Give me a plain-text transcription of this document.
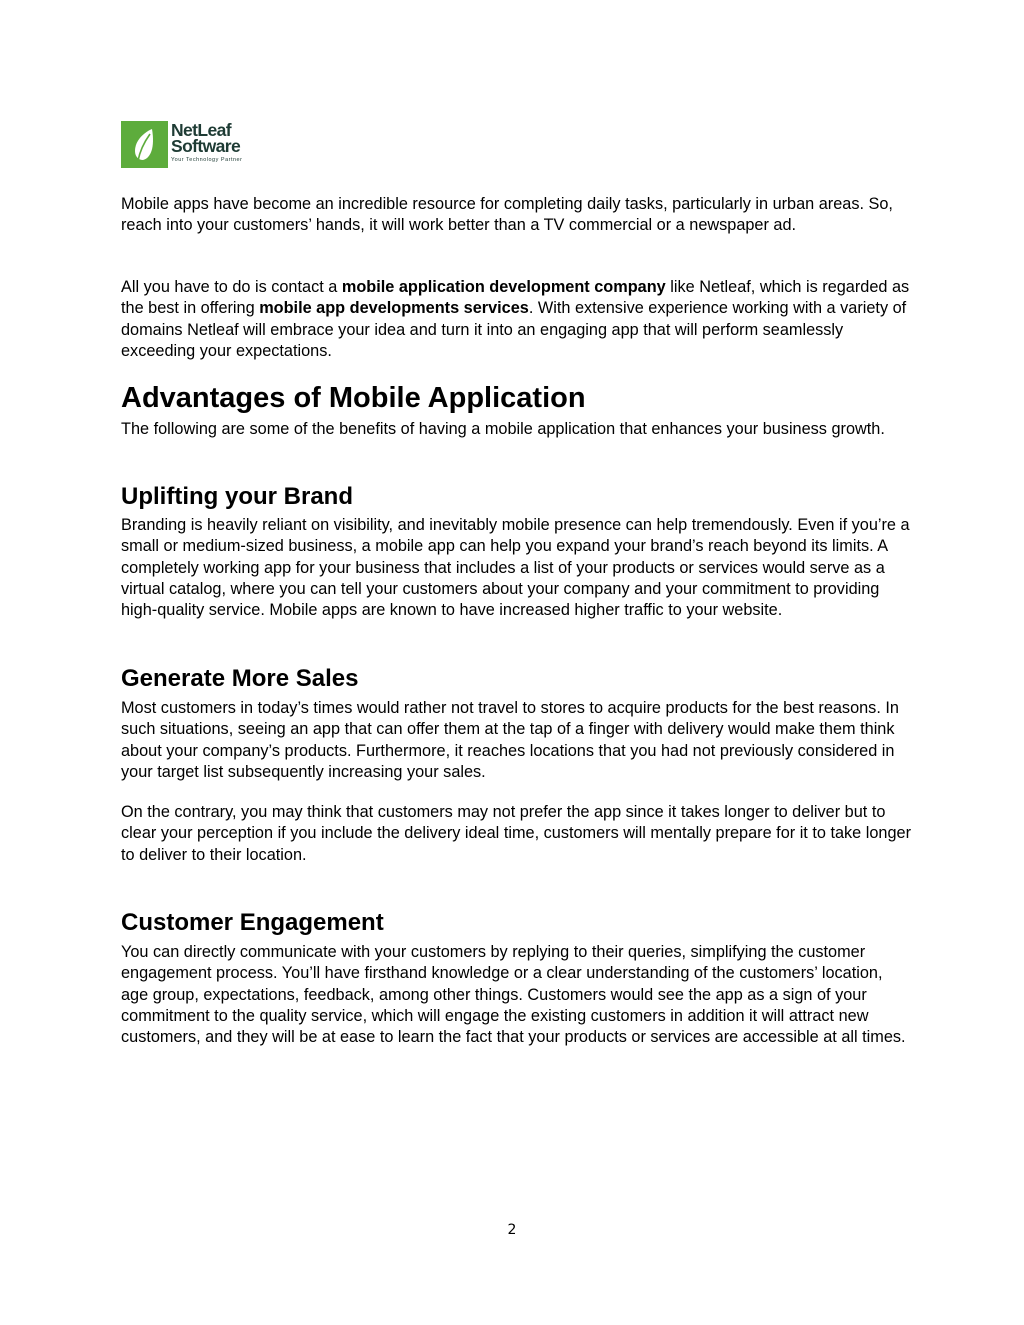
NetLeaf
Software
Your Technology Partner

Mobile apps have become an incredible resource for completing daily tasks, particularly in urban areas. So, reach into your customers’ hands, it will work better than a TV commercial or a newspaper ad.

All you have to do is contact a mobile application development company like Netleaf, which is regarded as the best in offering mobile app developments services. With extensive experience working with a variety of domains Netleaf will embrace your idea and turn it into an engaging app that will perform seamlessly exceeding your expectations.

Advantages of Mobile Application

The following are some of the benefits of having a mobile application that enhances your business growth.

Uplifting your Brand

Branding is heavily reliant on visibility, and inevitably mobile presence can help tremendously. Even if you’re a small or medium-sized business, a mobile app can help you expand your brand’s reach beyond its limits. A completely working app for your business that includes a list of your products or services would serve as a virtual catalog, where you can tell your customers about your company and your commitment to providing high-quality service. Mobile apps are known to have increased higher traffic to your website.

Generate More Sales

Most customers in today’s times would rather not travel to stores to acquire products for the best reasons. In such situations, seeing an app that can offer them at the tap of a finger with delivery would make them think about your company’s products. Furthermore, it reaches locations that you had not previously considered in your target list subsequently increasing your sales.

On the contrary, you may think that customers may not prefer the app since it takes longer to deliver but to clear your perception if you include the delivery ideal time, customers will mentally prepare for it to take longer to deliver to their location.

Customer Engagement

You can directly communicate with your customers by replying to their queries, simplifying the customer engagement process. You’ll have firsthand knowledge or a clear understanding of the customers’ location, age group, expectations, feedback, among other things. Customers would see the app as a sign of your commitment to the quality service, which will engage the existing customers in addition it will attract new customers, and they will be at ease to learn the fact that your products or services are accessible at all times.

2
